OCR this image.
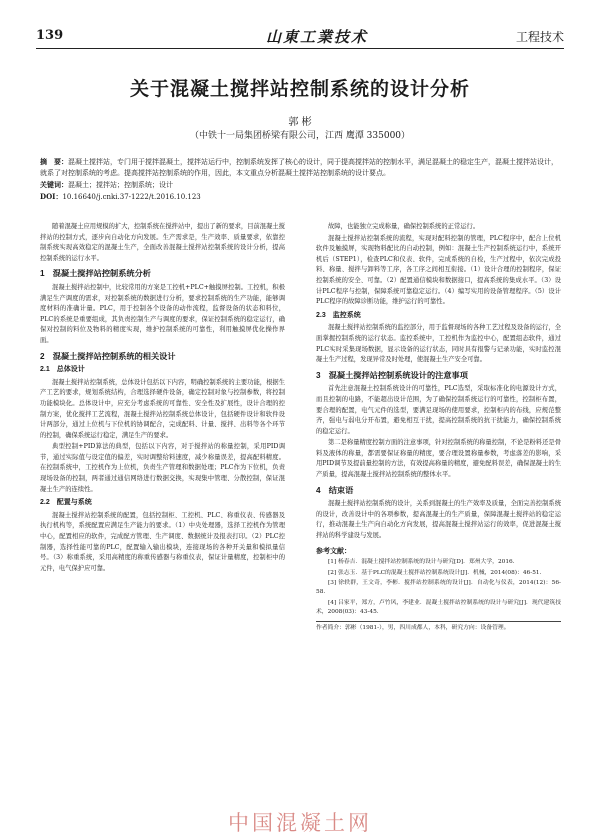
139	山東工業技术	工程技术
关于混凝土搅拌站控制系统的设计分析
郭 彬
（中铁十一局集团桥梁有限公司，江西 鹰潭 335000）
摘　要：混凝土搅拌站，专门用于搅拌混凝土，搅拌站运行中，控制系统发挥了核心的设计，同于提高搅拌站的控制水平，满足混凝土的稳定生产，混凝土搅拌站设计，就系了对控制系统的考虑。提高搅拌站控制系统的作用，因此，本文重点分析混凝土搅拌站控制系统的设计要点。
关键词：混凝土；搅拌站；控制系统；设计
DOI：10.16640/j.cnki.37-1222/t.2016.10.123

随着混凝土应用规模的扩大，控制系统在搅拌站中，提出了新的要求，目前混凝土搅拌站的控制方式，逐步向自动化方向发展。生产需求是，生产效率、质量要求，依靠控制系统实现高效稳定的混凝土生产，全面改善混凝土搅拌站控制系统的设计分析，提高控制系统的运行水平。

1　混凝土搅拌站控制系统分析

混凝土搅拌站控制中，比较常用的方案是工控机+PLC+触摸屏控制。工控机，积极满足生产调度的需求，对控制系统的数据进行分析，要求控制系统的生产功能，能够调度材料的准确计量。PLC，用于控制各个设备的动作流程，监督设备的状态和料位，PLC的系统是重要组成，其负责控制生产与调度的要求，保证控制系统的稳定运行，确保对控制的料位及物料的精度实现，维护控制系统的可靠性，利用触摸屏优化操作界面。

2　混凝土搅拌站控制系统的相关设计
2.1　总体设计

混凝土搅拌站控制系统，总体设计包括以下内容，明确控制系统的主要功能，根据生产工艺的要求，规划系统结构，合理选择硬件设备，确定控制对象与控制参数，将控制功能模块化。总体设计中，应充分考虑系统的可靠性、安全性及扩展性，设计合理的控制方案，优化搅拌工艺流程，混凝土搅拌站控制系统总体设计，包括硬件设计和软件设计两部分，通过上位机与下位机的协调配合，完成配料、计量、搅拌、出料等各个环节的控制，确保系统运行稳定，满足生产的要求。

典型控制+PID算法的典型，包括以下内容，对于搅拌站的称量控制，采用PID调节，通过实际值与设定值的偏差，实时调整给料速度，减少称量误差，提高配料精度。在控制系统中，工控机作为上位机，负责生产管理和数据处理；PLC作为下位机，负责现场设备的控制，两者通过通信网络进行数据交换，实现集中管理、分散控制，保证混凝土生产的连续性。

2.2　配置与系统

混凝土搅拌站控制系统的配置，包括控制柜、工控机、PLC、称重仪表、传感器及执行机构等，系统配置应满足生产能力的要求。（1）中央处理器，选择工控机作为管理中心，配置相应的软件，完成配方管理、生产调度、数据统计及报表打印。（2）PLC控制器，选择性能可靠的PLC，配置输入输出模块，连接现场的各种开关量和模拟量信号。（3）称重系统，采用高精度的称重传感器与称重仪表，保证计量精度，控制柜中的元件，电气保护应可靠。

故障，也能独立完成称量，确保控制系统的正常运行。

混凝土搅拌站控制系统的流程，实现对配料控制的管理，PLC程序中，配合上位机软件及触摸屏，实现物料配比的自动控制，例如：混凝土生产控制系统运行中，系统开机后（STEP1），检查PLC和仪表、软件，完成系统的自检，生产过程中，依次完成投料、称量、搅拌与卸料等工序，各工序之间相互衔接。（1）设计合理的控制程序，保证控制系统的安全、可靠。（2）配置通信模块和数据接口，提高系统的集成水平。（3）设计PLC程序与控制，保障系统可靠稳定运行。（4）编写实用的设备管理程序。（5）设计PLC程序的故障诊断功能，维护运行的可靠性。

2.3　监控系统

混凝土搅拌站控制系统的监控部分，用于监督现场的各种工艺过程及设备的运行，全面掌握控制系统的运行状态。监控系统中，工控机作为监控中心，配置组态软件，通过PLC实时采集现场数据，显示设备的运行状态，同时具有报警与记录功能，实时监控混凝土生产过程，发现异常及时处理，使混凝土生产安全可靠。

3　混凝土搅拌站控制系统设计的注意事项

首先注意混凝土控制系统设计的可靠性，PLC选型，采取标准化的电源设计方式，而且控制的电路，不能超出设计范围，为了确保控制系统运行的可靠性，控制柜布置，要合理的配置，电气元件的选型，要满足现场的使用要求，控制柜内的布线，应规范整齐，强电与弱电分开布置，避免相互干扰，提高控制系统的抗干扰能力，确保控制系统的稳定运行。

第二是称量精度控制方面的注意事项，针对控制系统的称量控制，不论是粉料还是骨料及液体的称量，都需要保证称量的精度，要合理设置称量参数，考虑落差的影响，采用PID调节及提前量控制的方法，有效提高称量的精度，避免配料误差，确保混凝土的生产质量，提高混凝土搅拌站控制系统的整体水平。

4　结束语

混凝土搅拌站控制系统的设计，关系到混凝土的生产效率及质量，全面完善控制系统的设计，改善设计中的各项参数，提高混凝土的生产质量，保障混凝土搅拌站的稳定运行，推动混凝土生产向自动化方向发展，提高混凝土搅拌站运行的效率，促进混凝土搅拌站的科学建设与发展。

参考文献：

[1] 杨春吉．混凝土搅拌站控制系统的设计与研究[D]．郑州大学，2016.

[2] 张志玉．基于PLC的混凝土搅拌站控制系统设计[J]．机械，2014(08)：46-51.

[3] 徐轶群，王文奇，李彬．搅拌站控制系统的设计[J]．自动化与仪表，2014(12)：56-58.

[4] 吕家平，郑方，卢竹风，李建业．混凝土搅拌站控制系统的设计与研究[J]．现代建筑技术，2008(03)：43-45.

作者简介：郭彬（1981-），男，四川成都人，本科，研究方向：设备管理。
中国混凝土网
